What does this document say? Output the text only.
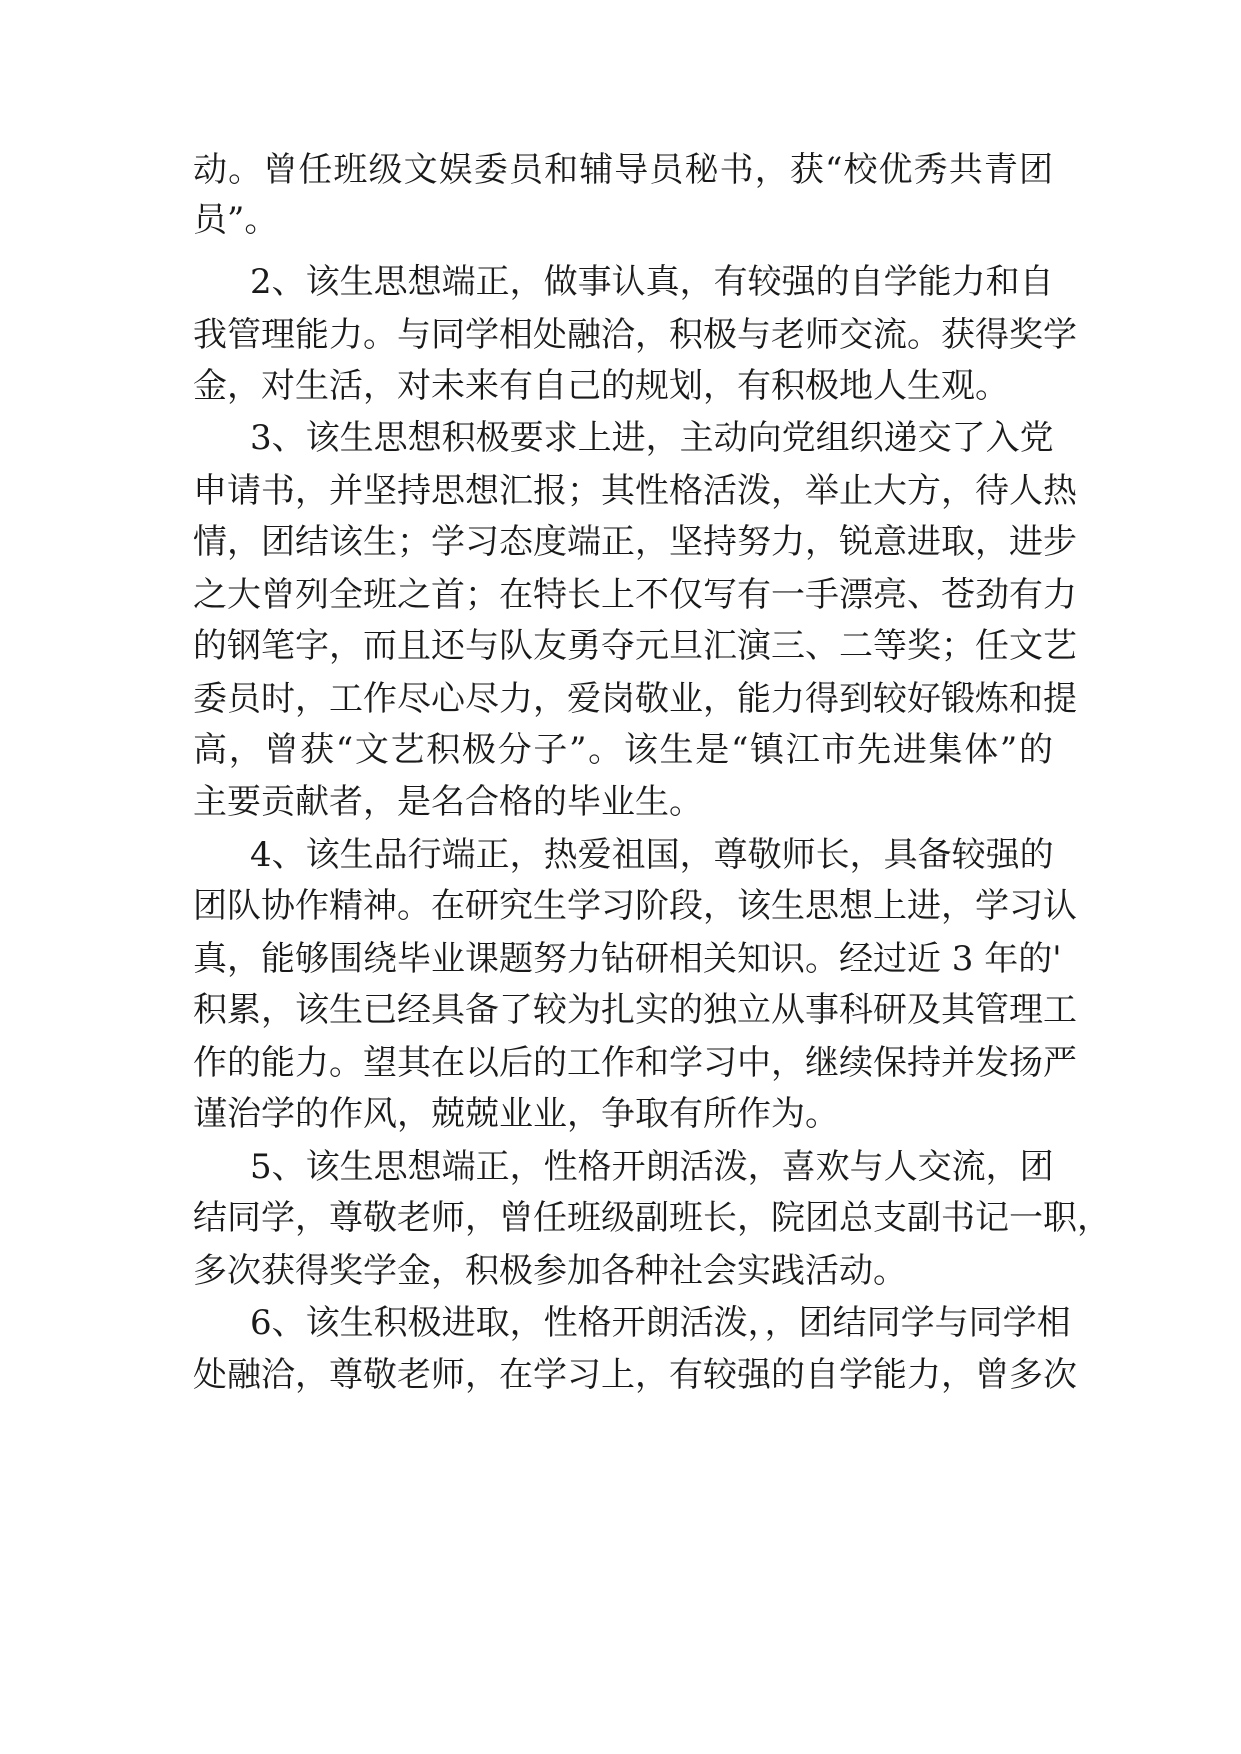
动。曾任班级文娱委员和辅导员秘书，获“校优秀共青团
员”。
2、该生思想端正，做事认真，有较强的自学能力和自
我管理能力。与同学相处融洽，积极与老师交流。获得奖学
金，对生活，对未来有自己的规划，有积极地人生观。
3、该生思想积极要求上进，主动向党组织递交了入党
申请书，并坚持思想汇报；其性格活泼，举止大方，待人热
情，团结该生；学习态度端正，坚持努力，锐意进取，进步
之大曾列全班之首；在特长上不仅写有一手漂亮、苍劲有力
的钢笔字，而且还与队友勇夺元旦汇演三、二等奖；任文艺
委员时，工作尽心尽力，爱岗敬业，能力得到较好锻炼和提
高，曾获“文艺积极分子”。该生是“镇江市先进集体”的
主要贡献者，是名合格的毕业生。
4、该生品行端正，热爱祖国，尊敬师长，具备较强的
团队协作精神。在研究生学习阶段，该生思想上进，学习认
真，能够围绕毕业课题努力钻研相关知识。经过近 3 年的'
积累，该生已经具备了较为扎实的独立从事科研及其管理工
作的能力。望其在以后的工作和学习中，继续保持并发扬严
谨治学的作风，兢兢业业，争取有所作为。
5、该生思想端正，性格开朗活泼，喜欢与人交流，团
结同学，尊敬老师，曾任班级副班长，院团总支副书记一职，
多次获得奖学金，积极参加各种社会实践活动。
6、该生积极进取，性格开朗活泼，，团结同学与同学相
处融洽，尊敬老师，在学习上，有较强的自学能力，曾多次
